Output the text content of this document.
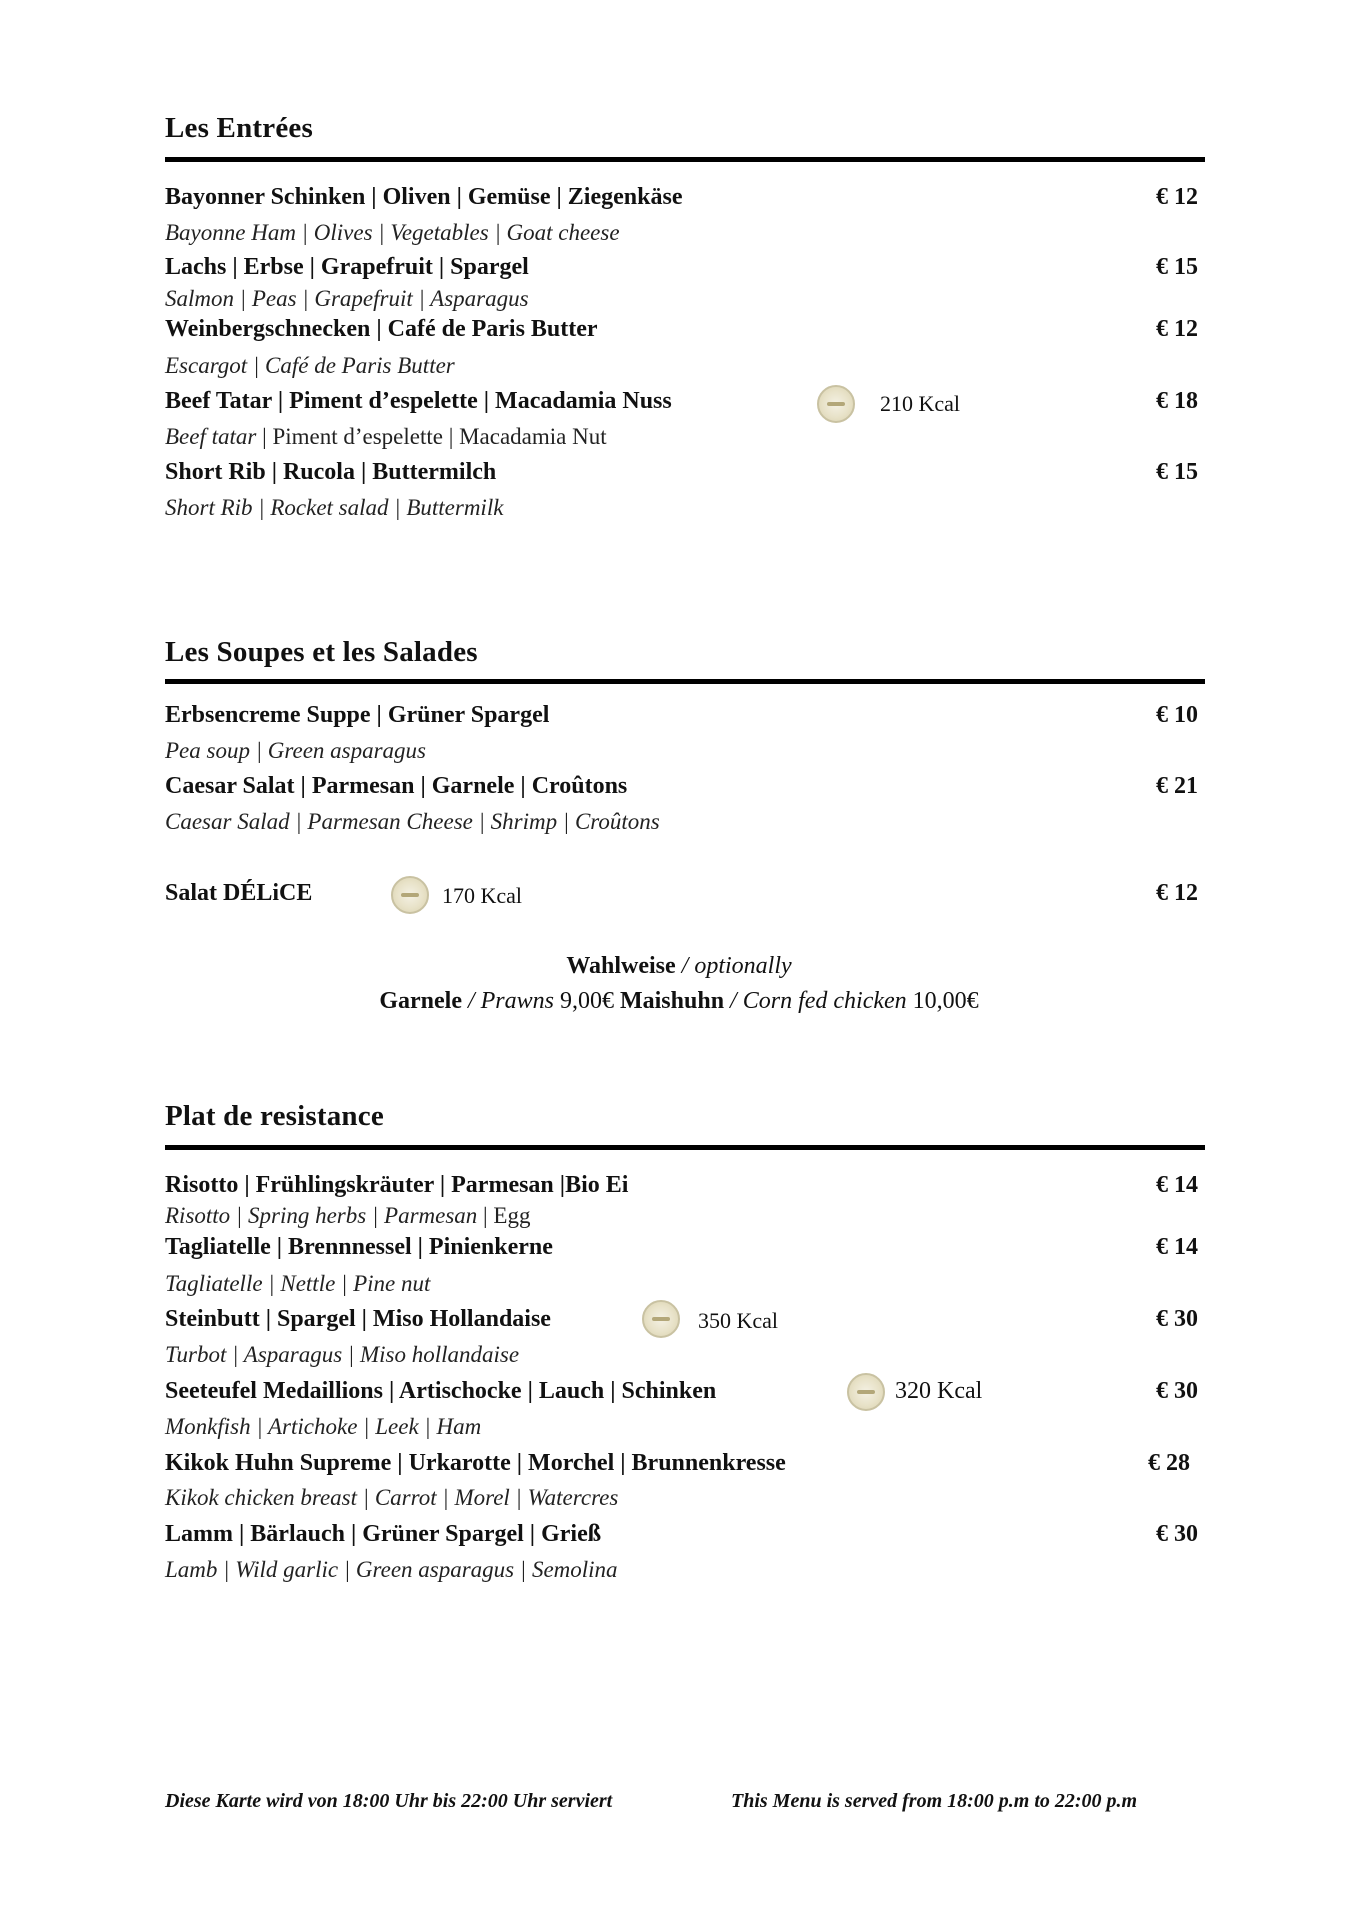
Les Entrées
Bayonner Schinken | Oliven | Gemüse | Ziegenkäse	€ 12
Bayonne Ham | Olives | Vegetables | Goat cheese
Lachs | Erbse | Grapefruit | Spargel	€ 15
Salmon | Peas | Grapefruit | Asparagus
Weinbergschnecken | Café de Paris Butter	€ 12
Escargot | Café de Paris Butter
Beef Tatar | Piment d’espelette | Macadamia Nuss	210 Kcal	€ 18
Beef tatar | Piment d’espelette | Macadamia Nut
Short Rib | Rucola | Buttermilch	€ 15
Short Rib | Rocket salad | Buttermilk
Les Soupes et les Salades
Erbsencreme Suppe | Grüner Spargel	€ 10
Pea soup | Green asparagus
Caesar Salat | Parmesan | Garnele | Croûtons	€ 21
Caesar Salad | Parmesan Cheese | Shrimp | Croûtons
Salat DÉLiCE	170 Kcal	€ 12
Wahlweise / optionally
Garnele / Prawns 9,00€ Maishuhn / Corn fed chicken 10,00€
Plat de resistance
Risotto | Frühlingskräuter | Parmesan |Bio Ei	€ 14
Risotto | Spring herbs | Parmesan | Egg
Tagliatelle | Brennnessel | Pinienkerne	€ 14
Tagliatelle | Nettle | Pine nut
Steinbutt | Spargel | Miso Hollandaise	350 Kcal	€ 30
Turbot | Asparagus | Miso hollandaise
Seeteufel Medaillions | Artischocke | Lauch | Schinken	320 Kcal	€ 30
Monkfish | Artichoke | Leek | Ham
Kikok Huhn Supreme | Urkarotte | Morchel | Brunnenkresse	€ 28
Kikok chicken breast | Carrot | Morel | Watercres
Lamm | Bärlauch | Grüner Spargel | Grieß	€ 30
Lamb | Wild garlic | Green asparagus | Semolina
Diese Karte wird von 18:00 Uhr bis 22:00 Uhr serviert	This Menu is served from 18:00 p.m to 22:00 p.m
